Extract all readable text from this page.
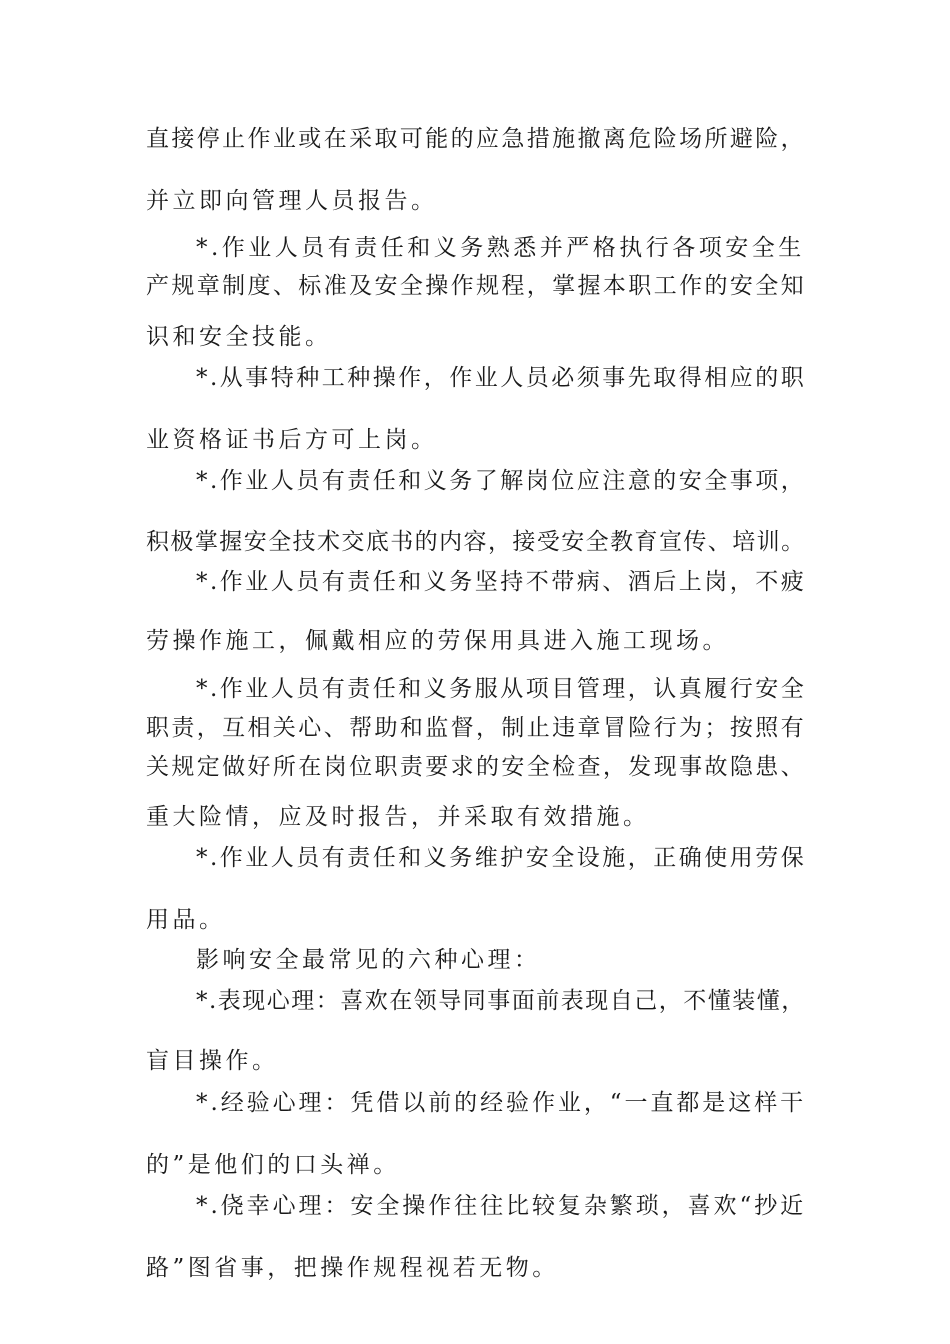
直接停止作业或在采取可能的应急措施撤离危险场所避险，
并立即向管理人员报告。
*.作业人员有责任和义务熟悉并严格执行各项安全生
产规章制度、标准及安全操作规程，掌握本职工作的安全知
识和安全技能。
*.从事特种工种操作，作业人员必须事先取得相应的职
业资格证书后方可上岗。
*.作业人员有责任和义务了解岗位应注意的安全事项，
积极掌握安全技术交底书的内容，接受安全教育宣传、培训。
*.作业人员有责任和义务坚持不带病、酒后上岗，不疲
劳操作施工，佩戴相应的劳保用具进入施工现场。
*.作业人员有责任和义务服从项目管理，认真履行安全
职责，互相关心、帮助和监督，制止违章冒险行为；按照有
关规定做好所在岗位职责要求的安全检查，发现事故隐患、
重大险情，应及时报告，并采取有效措施。
*.作业人员有责任和义务维护安全设施，正确使用劳保
用品。
影响安全最常见的六种心理：
*.表现心理：喜欢在领导同事面前表现自己，不懂装懂，
盲目操作。
*.经验心理：凭借以前的经验作业，“一直都是这样干
的”是他们的口头禅。
*.侥幸心理：安全操作往往比较复杂繁琐，喜欢“抄近
路”图省事，把操作规程视若无物。
